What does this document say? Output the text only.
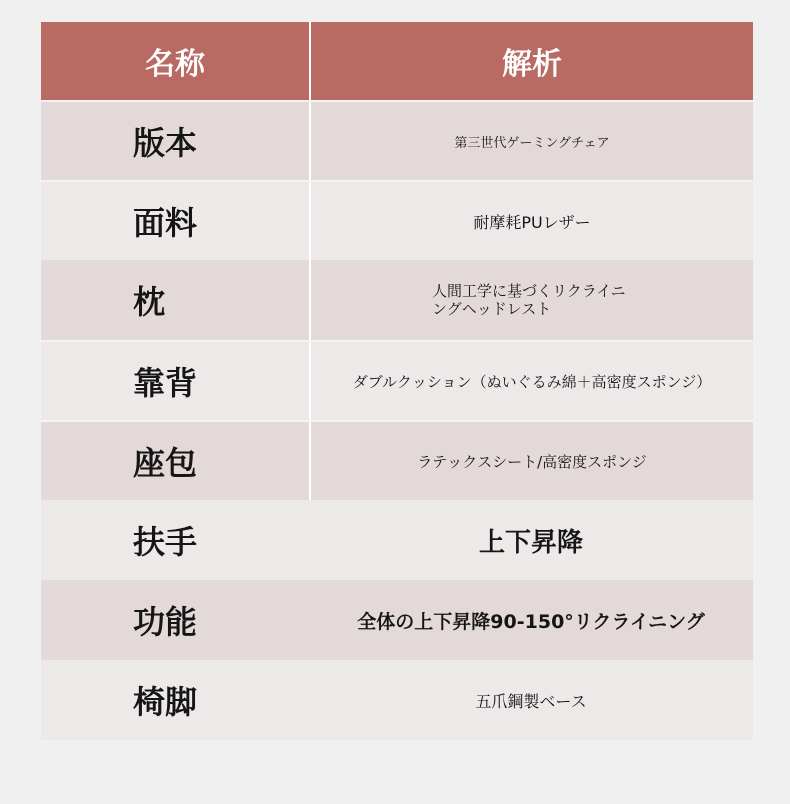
名称	解析
版本	第三世代ゲーミングチェア
面料	耐摩耗PUレザー
枕	人間工学に基づくリクライニ
ングヘッドレスト
靠背	ダブルクッション（ぬいぐるみ綿＋高密度スポンジ）
座包	ラテックスシート/高密度スポンジ
扶手	上下昇降
功能	全体の上下昇降90-150°リクライニング
椅脚	五爪鋼製ベース
